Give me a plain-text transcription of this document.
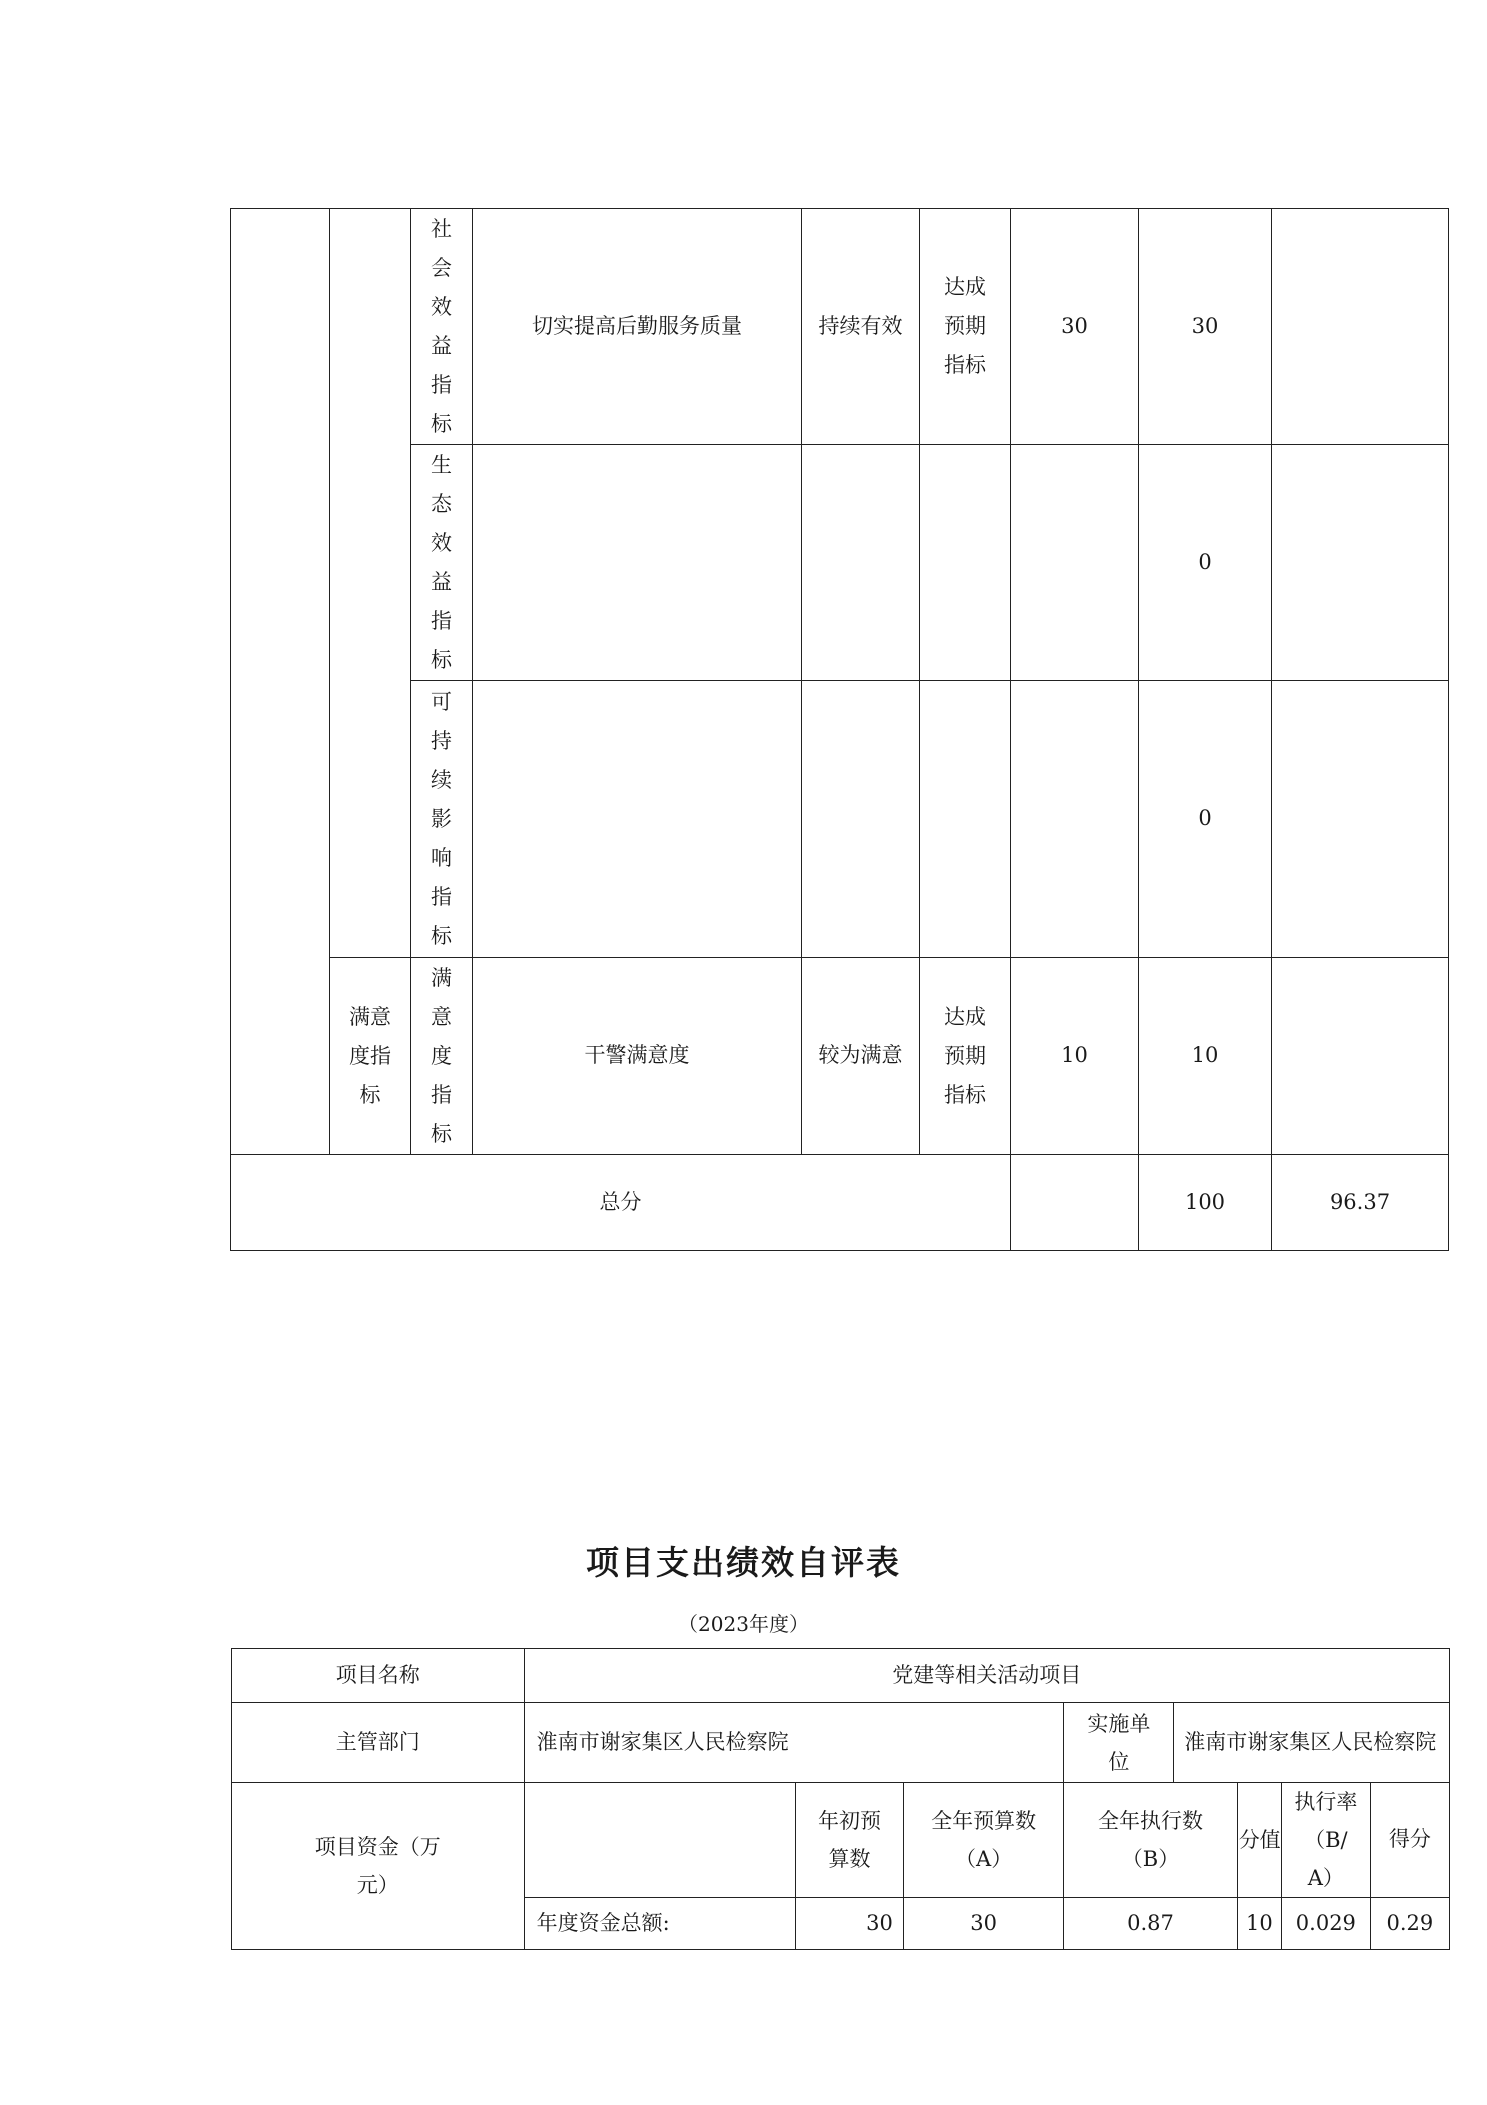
		社会效益指标	切实提高后勤服务质量	持续有效	达成预期指标	30	30		
		生态效益指标					0		
		可持续影响指标					0		
	满意度指标	满意度指标	干警满意度	较为满意	达成预期指标	10	10		
总分							100	96.37	
项目支出绩效自评表
（2023年度）
项目名称	党建等相关活动项目							
主管部门	淮南市谢家集区人民检察院			实施单位	淮南市谢家集区人民检察院			
项目资金（万元）		年初预算数	全年预算数（A）	全年执行数（B）		分值	执行率（B/A）	得分
	年度资金总额:	30	30	0.87		10	0.029	0.29
